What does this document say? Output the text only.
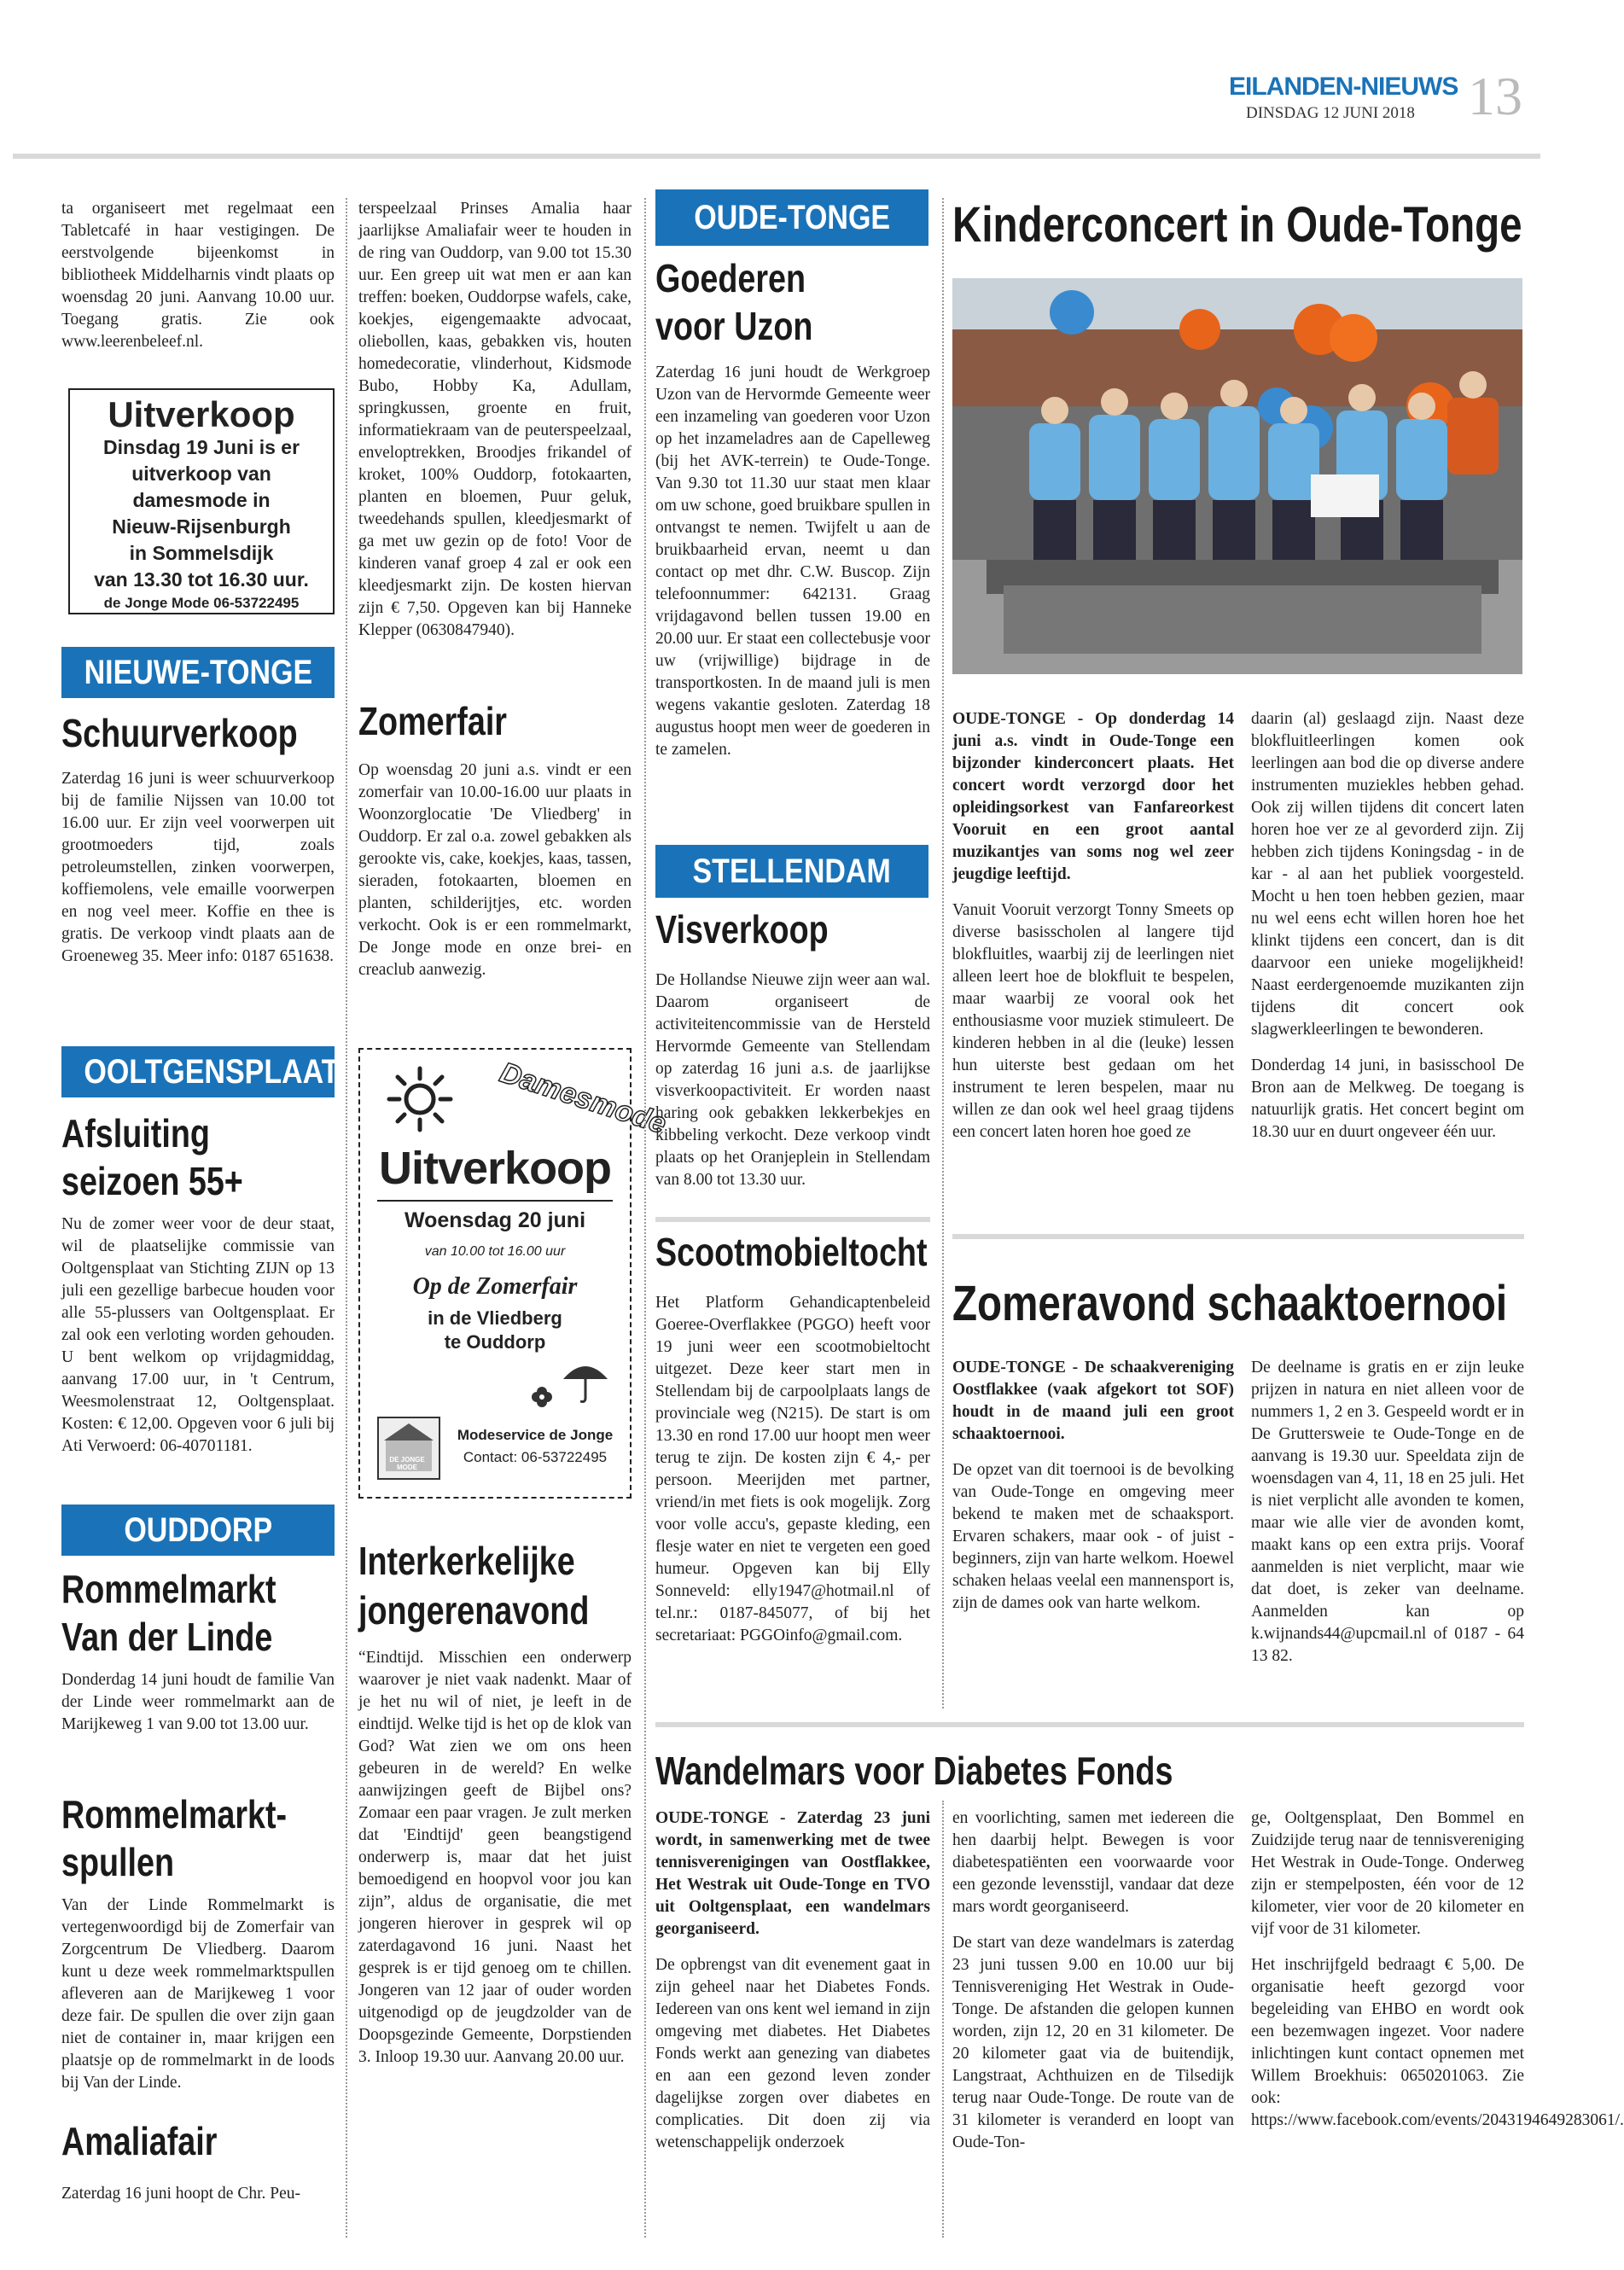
EILANDEN-NIEUWS
DINSDAG 12 JUNI 2018 13

ta organiseert met regelmaat een Tabletcafé in haar vestigingen. De eerstvolgende bijeenkomst in bibliotheek Middelharnis vindt plaats op woensdag 20 juni. Aanvang 10.00 uur. Toegang gratis. Zie ook www.leerenbeleef.nl.

Uitverkoop
Dinsdag 19 Juni is er
uitverkoop van
damesmode in
Nieuw-Rijsenburgh
in Sommelsdijk
van 13.30 tot 16.30 uur.
de Jonge Mode 06-53722495
NIEUWE-TONGE
Schuurverkoop

Zaterdag 16 juni is weer schuurverkoop bij de familie Nijssen van 10.00 tot 16.00 uur. Er zijn veel voorwerpen uit grootmoeders tijd, zoals petroleumstellen, zinken voorwerpen, koffiemolens, vele emaille voorwerpen en nog veel meer. Koffie en thee is gratis. De verkoop vindt plaats aan de Groeneweg 35. Meer info: 0187 651638.

OOLTGENSPLAAT
Afsluiting
seizoen 55+

Nu de zomer weer voor de deur staat, wil de plaatselijke commissie van Ooltgensplaat van Stichting ZIJN op 13 juli een gezellige barbecue houden voor alle 55-plussers van Ooltgensplaat. Er zal ook een verloting worden gehouden. U bent welkom op vrijdagmiddag, aanvang 17.00 uur, in 't Centrum, Weesmolenstraat 12, Ooltgensplaat. Kosten: € 12,00. Opgeven voor 6 juli bij Ati Verwoerd: 06-40701181.

OUDDORP
Rommelmarkt
Van der Linde

Donderdag 14 juni houdt de familie Van der Linde weer rommelmarkt aan de Marijkeweg 1 van 9.00 tot 13.00 uur.

Rommelmarkt-
spullen

Van der Linde Rommelmarkt is vertegenwoordigd bij de Zomerfair van Zorgcentrum De Vliedberg. Daarom kunt u deze week rommelmarktspullen afleveren aan de Marijkeweg 1 voor deze fair. De spullen die over zijn gaan niet de container in, maar krijgen een plaatsje op de rommelmarkt in de loods bij Van der Linde.

Amaliafair

Zaterdag 16 juni hoopt de Chr. Peu-

terspeelzaal Prinses Amalia haar jaarlijkse Amaliafair weer te houden in de ring van Ouddorp, van 9.00 tot 15.30 uur. Een greep uit wat men er aan kan treffen: boeken, Ouddorpse wafels, cake, koekjes, eigengemaakte advocaat, oliebollen, kaas, gebakken vis, houten homedecoratie, vlinderhout, Kidsmode Bubo, Hobby Ka, Adullam, springkussen, groente en fruit, informatiekraam van de peuterspeelzaal, enveloptrekken, Broodjes frikandel of kroket, 100% Ouddorp, fotokaarten, planten en bloemen, Puur geluk, tweedehands spullen, kleedjesmarkt of ga met uw gezin op de foto! Voor de kinderen vanaf groep 4 zal er ook een kleedjesmarkt zijn. De kosten hiervan zijn € 7,50. Opgeven kan bij Hanneke Klepper (0630847940).

Zomerfair

Op woensdag 20 juni a.s. vindt er een zomerfair van 10.00-16.00 uur plaats in Woonzorglocatie 'De Vliedberg' in Ouddorp. Er zal o.a. zowel gebakken als gerookte vis, cake, koekjes, kaas, tassen, sieraden, fotokaarten, bloemen en planten, schilderijtjes, etc. worden verkocht. Ook is er een rommelmarkt, De Jonge mode en onze brei- en creaclub aanwezig.

Damesmode
Uitverkoop
Woensdag 20 juni
van 10.00 tot 16.00 uur
Op de Zomerfair
in de Vliedberg
te Ouddorp
DE JONGE MODE
Modeservice de Jonge
Contact: 06-53722495
Interkerkelijke
jongerenavond

“Eindtijd. Misschien een onderwerp waarover je niet vaak nadenkt. Maar of je het nu wil of niet, je leeft in de eindtijd. Welke tijd is het op de klok van God? Wat zien we om ons heen gebeuren in de wereld? En welke aanwijzingen geeft de Bijbel ons? Zomaar een paar vragen. Je zult merken dat 'Eindtijd' geen beangstigend onderwerp is, maar dat het juist bemoedigend en hoopvol voor jou kan zijn”, aldus de organisatie, die met jongeren hierover in gesprek wil op zaterdagavond 16 juni. Naast het gesprek is er tijd genoeg om te chillen. Jongeren van 12 jaar of ouder worden uitgenodigd op de jeugdzolder van de Doopsgezinde Gemeente, Dorpstienden 3. Inloop 19.30 uur. Aanvang 20.00 uur.

OUDE-TONGE
Goederen
voor Uzon

Zaterdag 16 juni houdt de Werkgroep Uzon van de Hervormde Gemeente weer een inzameling van goederen voor Uzon op het inzameladres aan de Capelleweg (bij het AVK-terrein) te Oude-Tonge. Van 9.30 tot 11.30 uur staat men klaar om uw schone, goed bruikbare spullen in ontvangst te nemen. Twijfelt u aan de bruikbaarheid ervan, neemt u dan contact op met dhr. C.W. Buscop. Zijn telefoonnummer: 642131. Graag vrijdagavond bellen tussen 19.00 en 20.00 uur. Er staat een collectebusje voor uw (vrijwillige) bijdrage in de transportkosten. In de maand juli is men wegens vakantie gesloten. Zaterdag 18 augustus hoopt men weer de goederen in te zamelen.

STELLENDAM
Visverkoop

De Hollandse Nieuwe zijn weer aan wal. Daarom organiseert de activiteitencommissie van de Hersteld Hervormde Gemeente van Stellendam op zaterdag 16 juni a.s. de jaarlijkse visverkoopactiviteit. Er worden naast haring ook gebakken lekkerbekjes en kibbeling verkocht. Deze verkoop vindt plaats op het Oranjeplein in Stellendam van 8.00 tot 13.30 uur.

Scootmobieltocht

Het Platform Gehandicaptenbeleid Goeree-Overflakkee (PGGO) heeft voor 19 juni weer een scootmobieltocht uitgezet. Deze keer start men in Stellendam bij de carpoolplaats langs de provinciale weg (N215). De start is om 13.30 en rond 17.00 uur hoopt men weer terug te zijn. De kosten zijn € 4,- per persoon. Meerijden met partner, vriend/in met fiets is ook mogelijk. Zorg voor volle accu's, gepaste kleding, een flesje water en niet te vergeten een goed humeur. Opgeven kan bij Elly Sonneveld: elly1947@hotmail.nl of tel.nr.: 0187-845077, of bij het secretariaat: PGGOinfo@gmail.com.

Kinderconcert in Oude-Tonge

OUDE-TONGE - Op donderdag 14 juni a.s. vindt in Oude-Tonge een bijzonder kinderconcert plaats. Het concert wordt verzorgd door het opleidingsorkest van Fanfareorkest Vooruit en een groot aantal muzikantjes van soms nog wel zeer jeugdige leeftijd.

Vanuit Vooruit verzorgt Tonny Smeets op diverse basisscholen al langere tijd blokfluitles, waarbij zij de leerlingen niet alleen leert hoe de blokfluit te bespelen, maar waarbij ze vooral ook het enthousiasme voor muziek stimuleert. De kinderen hebben in al die (leuke) lessen hun uiterste best gedaan om het instrument te leren bespelen, maar nu willen ze dan ook wel heel graag tijdens een concert laten horen hoe goed ze

daarin (al) geslaagd zijn. Naast deze blokfluitleerlingen komen ook leerlingen aan bod die op diverse andere instrumenten muziekles hebben gehad. Ook zij willen tijdens dit concert laten horen hoe ver ze al gevorderd zijn. Zij hebben zich tijdens Koningsdag - in de kar - al aan het publiek voorgesteld. Mocht u hen toen hebben gezien, maar nu wel eens echt willen horen hoe het klinkt tijdens een concert, dan is dit daarvoor een unieke mogelijkheid! Naast eerdergenoemde muzikanten zijn tijdens dit concert ook slagwerkleerlingen te bewonderen.

Donderdag 14 juni, in basisschool De Bron aan de Melkweg. De toegang is natuurlijk gratis. Het concert begint om 18.30 uur en duurt ongeveer één uur.

Zomeravond schaaktoernooi

OUDE-TONGE - De schaakvereniging Oostflakkee (vaak afgekort tot SOF) houdt in de maand juli een groot schaaktoernooi.

De opzet van dit toernooi is de bevolking van Oude-Tonge en omgeving meer bekend te maken met de schaaksport. Ervaren schakers, maar ook - of juist - beginners, zijn van harte welkom. Hoewel schaken helaas veelal een mannensport is, zijn de dames ook van harte welkom.

De deelname is gratis en er zijn leuke prijzen in natura en niet alleen voor de nummers 1, 2 en 3. Gespeeld wordt er in De Gruttersweie te Oude-Tonge en de aanvang is 19.30 uur. Speeldata zijn de woensdagen van 4, 11, 18 en 25 juli. Het is niet verplicht alle avonden te komen, maar wie alle vier de avonden komt, maakt kans op een extra prijs. Vooraf aanmelden is niet verplicht, maar wie dat doet, is zeker van deelname. Aanmelden kan op k.wijnands44@upcmail.nl of 0187 - 64 13 82.

Wandelmars voor Diabetes Fonds

OUDE-TONGE - Zaterdag 23 juni wordt, in samenwerking met de twee tennisverenigingen van Oostflakkee, Het Westrak uit Oude-Tonge en TVO uit Ooltgensplaat, een wandelmars georganiseerd.

De opbrengst van dit evenement gaat in zijn geheel naar het Diabetes Fonds. Iedereen van ons kent wel iemand in zijn omgeving met diabetes. Het Diabetes Fonds werkt aan genezing van diabetes en aan een gezond leven zonder dagelijkse zorgen over diabetes en complicaties. Dit doen zij via wetenschappelijk onderzoek

en voorlichting, samen met iedereen die hen daarbij helpt. Bewegen is voor diabetespatiënten een voorwaarde voor een gezonde levensstijl, vandaar dat deze mars wordt georganiseerd.

De start van deze wandelmars is zaterdag 23 juni tussen 9.00 en 10.00 uur bij Tennisvereniging Het Westrak in Oude-Tonge. De afstanden die gelopen kunnen worden, zijn 12, 20 en 31 kilometer. De 20 kilometer gaat via de buitendijk, Langstraat, Achthuizen en de Tilsedijk terug naar Oude-Tonge. De route van de 31 kilometer is veranderd en loopt van Oude-Ton-

ge, Ooltgensplaat, Den Bommel en Zuidzijde terug naar de tennisvereniging Het Westrak in Oude-Tonge. Onderweg zijn er stempelposten, één voor de 12 kilometer, vier voor de 20 kilometer en vijf voor de 31 kilometer.

Het inschrijfgeld bedraagt € 5,00. De organisatie heeft gezorgd voor begeleiding van EHBO en wordt ook een bezemwagen ingezet. Voor nadere inlichtingen kunt contact opnemen met Willem Broekhuis: 0650201063. Zie ook: https://www.facebook.com/events/2043194649283061/.
